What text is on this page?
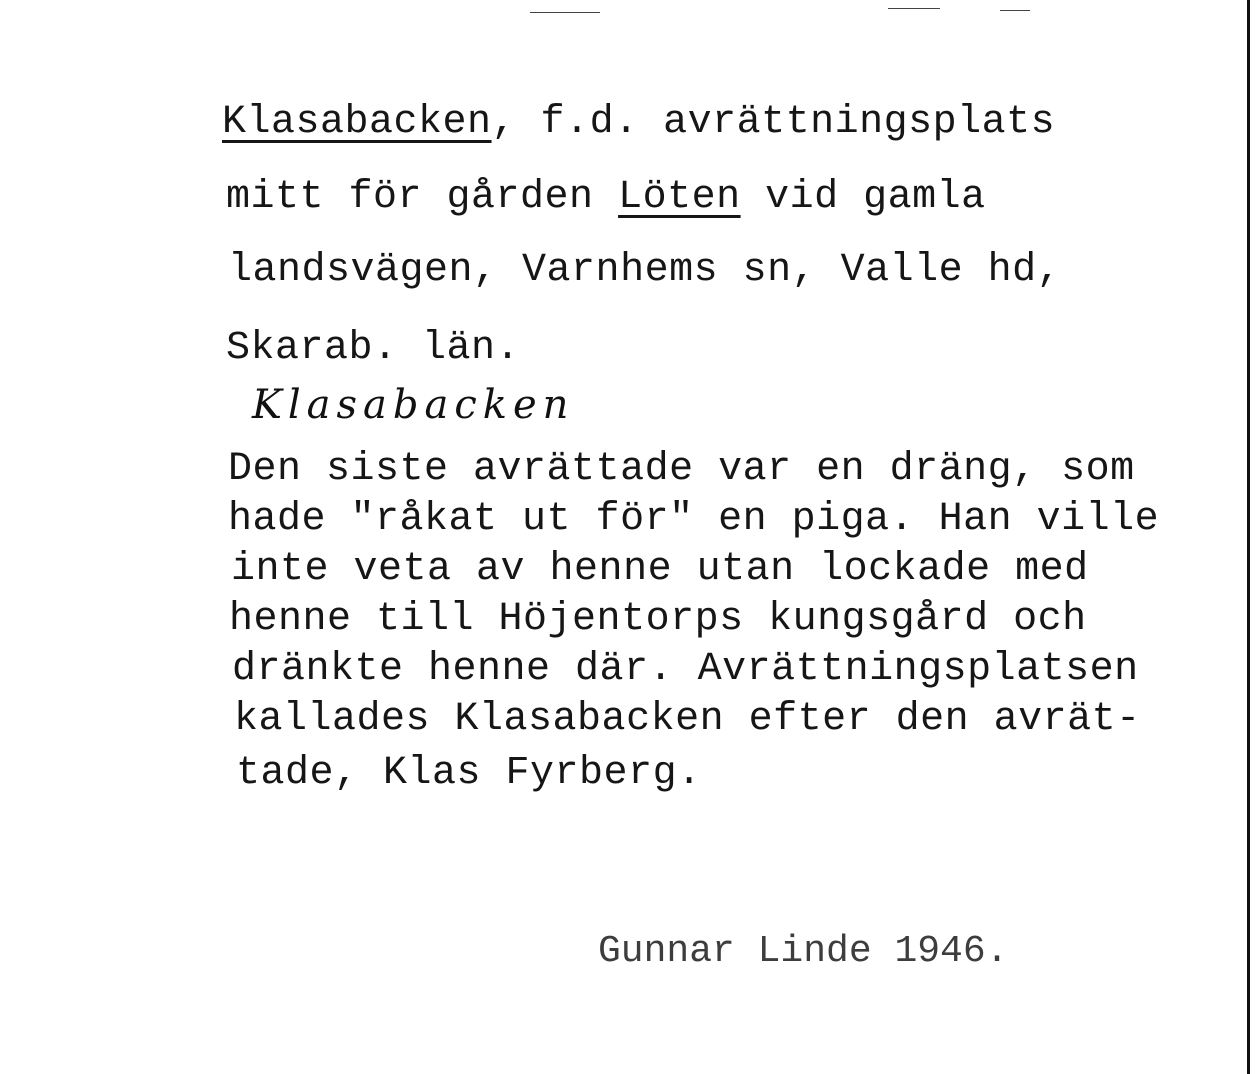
Klasabacken, f.d. avrättningsplats

mitt för gården Löten vid gamla

landsvägen, Varnhems sn, Valle hd,

Skarab. län.

Klasabacken

Den siste avrättade var en dräng, som

hade "råkat ut för" en piga. Han ville

inte veta av henne utan lockade med

henne till Höjentorps kungsgård och

dränkte henne där. Avrättningsplatsen

kallades Klasabacken efter den avrät-

tade, Klas Fyrberg.

Gunnar Linde 1946.
